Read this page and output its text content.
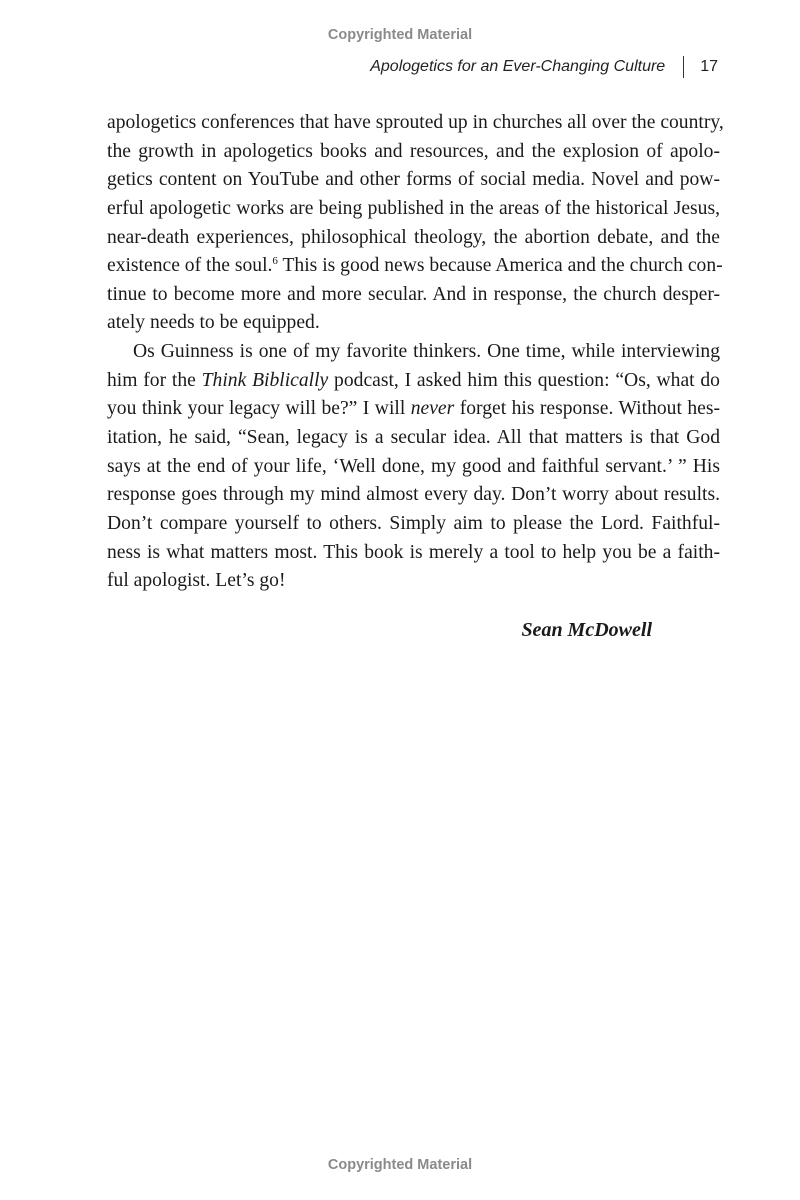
Copyrighted Material
Apologetics for an Ever-Changing Culture 17
apologetics conferences that have sprouted up in churches all over the country,
the growth in apologetics books and resources, and the explosion of apolo-
getics content on YouTube and other forms of social media. Novel and pow-
erful apologetic works are being published in the areas of the historical Jesus,
near-death experiences, philosophical theology, the abortion debate, and the
existence of the soul.$^6$ This is good news because America and the church con-
tinue to become more and more secular. And in response, the church desper-
ately needs to be equipped.
Os Guinness is one of my favorite thinkers. One time, while interviewing
him for the Think Biblically podcast, I asked him this question: “Os, what do
you think your legacy will be?” I will never forget his response. Without hes-
itation, he said, “Sean, legacy is a secular idea. All that matters is that God
says at the end of your life, ‘Well done, my good and faithful servant.’ ” His
response goes through my mind almost every day. Don’t worry about results.
Don’t compare yourself to others. Simply aim to please the Lord. Faithful-
ness is what matters most. This book is merely a tool to help you be a faith-
ful apologist. Let’s go!
Sean McDowell
Copyrighted Material
